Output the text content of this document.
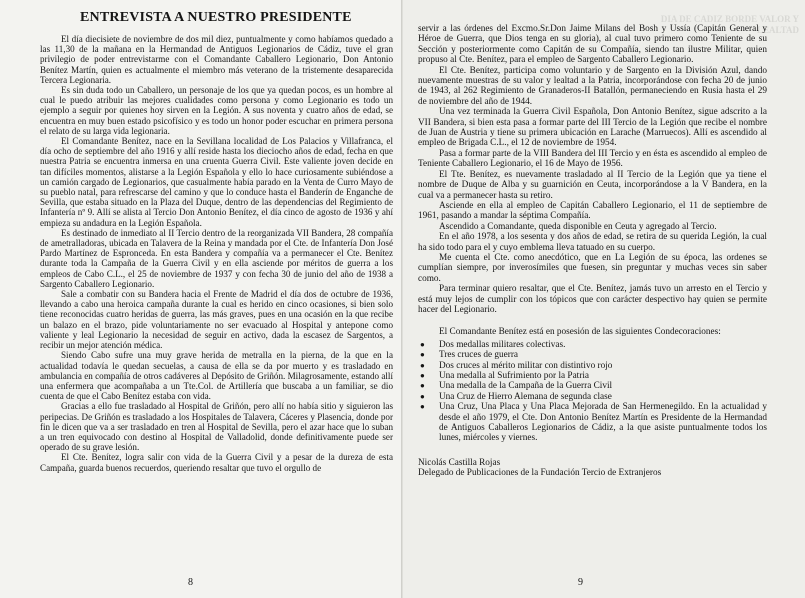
ENTREVISTA A NUESTRO PRESIDENTE

El día diecisiete de noviembre de dos mil diez, puntualmente y como habíamos quedado a las 11,30 de la mañana en la Hermandad de Antiguos Legionarios de Cádiz, tuve el gran privilegio de poder entrevistarme con el Comandante Caballero Legionario, Don Antonio Benítez Martín, quien es actualmente el miembro más veterano de la tristemente desaparecida Tercera Legionaria.

Es sin duda todo un Caballero, un personaje de los que ya quedan pocos, es un hombre al cual le puedo atribuir las mejores cualidades como persona y como Legionario es todo un ejemplo a seguir por quienes hoy sirven en la Legión. A sus noventa y cuatro años de edad, se encuentra en muy buen estado psicofísico y es todo un honor poder escuchar en primera persona el relato de su larga vida legionaria.

El Comandante Benítez, nace en la Sevillana localidad de Los Palacios y Villafranca, el día ocho de septiembre del año 1916 y allí reside hasta los dieciocho años de edad, fecha en que nuestra Patria se encuentra inmersa en una cruenta Guerra Civil. Este valiente joven decide en tan difíciles momentos, alistarse a la Legión Española y ello lo hace curiosamente subiéndose a un camión cargado de Legionarios, que casualmente había parado en la Venta de Curro Mayo de su pueblo natal, para refrescarse del camino y que lo conduce hasta el Banderín de Enganche de Sevilla, que estaba situado en la Plaza del Duque, dentro de las dependencias del Regimiento de Infantería nº 9. Allí se alista al Tercio Don Antonio Benítez, el día cinco de agosto de 1936 y ahí empieza su andadura en la Legión Española.

Es destinado de inmediato al II Tercio dentro de la reorganizada VII Bandera, 28 compañía de ametralladoras, ubicada en Talavera de la Reina y mandada por el Cte. de Infantería Don José Pardo Martínez de Espronceda. En esta Bandera y compañía va a permanecer el Cte. Benítez durante toda la Campaña de la Guerra Civil y en ella asciende por méritos de guerra a los empleos de Cabo C.L., el 25 de noviembre de 1937 y con fecha 30 de junio del año de 1938 a Sargento Caballero Legionario.

Sale a combatir con su Bandera hacia el Frente de Madrid el día dos de octubre de 1936, llevando a cabo una heroica campaña durante la cual es herido en cinco ocasiones, si bien solo tiene reconocidas cuatro heridas de guerra, las más graves, pues en una ocasión en la que recibe un balazo en el brazo, pide voluntariamente no ser evacuado al Hospital y antepone como valiente y leal Legionario la necesidad de seguir en activo, dada la escasez de Sargentos, a recibir un mejor atención médica.

Siendo Cabo sufre una muy grave herida de metralla en la pierna, de la que en la actualidad todavía le quedan secuelas, a causa de ella se da por muerto y es trasladado en ambulancia en compañía de otros cadáveres al Depósito de Griñón. Milagrosamente, estando allí una enfermera que acompañaba a un Tte.Col. de Artillería que buscaba a un familiar, se dio cuenta de que el Cabo Benítez estaba con vida.

Gracias a ello fue trasladado al Hospital de Griñón, pero allí no había sitio y siguieron las peripecias. De Griñón es trasladado a los Hospitales de Talavera, Cáceres y Plasencia, donde por fin le dicen que va a ser trasladado en tren al Hospital de Sevilla, pero el azar hace que lo suban a un tren equivocado con destino al Hospital de Valladolid, donde definitivamente puede ser operado de su grave lesión.

El Cte. Benítez, logra salir con vida de la Guerra Civil y a pesar de la dureza de esta Campaña, guarda buenos recuerdos, queriendo resaltar que tuvo el orgullo de

8
DIA DE CADIZ BORDE VALOR Y LEALTAD

servir a las órdenes del Excmo.Sr.Don Jaime Milans del Bosh y Ussía (Capitán General y Héroe de Guerra, que Dios tenga en su gloria), al cual tuvo primero como Teniente de su Sección y posteriormente como Capitán de su Compañía, siendo tan ilustre Militar, quien propuso al Cte. Benítez, para el empleo de Sargento Caballero Legionario.

El Cte. Benítez, participa como voluntario y de Sargento en la División Azul, dando nuevamente muestras de su valor y lealtad a la Patria, incorporándose con fecha 20 de junio de 1943, al 262 Regimiento de Granaderos-II Batallón, permaneciendo en Rusia hasta el 29 de noviembre del año de 1944.

Una vez terminada la Guerra Civil Española, Don Antonio Benítez, sigue adscrito a la VII Bandera, si bien esta pasa a formar parte del III Tercio de la Legión que recibe el nombre de Juan de Austria y tiene su primera ubicación en Larache (Marruecos). Allí es ascendido al empleo de Brigada C.L., el 12 de noviembre de 1954.

Pasa a formar parte de la VIII Bandera del III Tercio y en ésta es ascendido al empleo de Teniente Caballero Legionario, el 16 de Mayo de 1956.

El Tte. Benítez, es nuevamente trasladado al II Tercio de la Legión que ya tiene el nombre de Duque de Alba y su guarnición en Ceuta, incorporándose a la V Bandera, en la cual va a permanecer hasta su retiro.

Asciende en ella al empleo de Capitán Caballero Legionario, el 11 de septiembre de 1961, pasando a mandar la séptima Compañía.

Ascendido a Comandante, queda disponible en Ceuta y agregado al Tercio.

En el año 1978, a los sesenta y dos años de edad, se retira de su querida Legión, la cual ha sido todo para el y cuyo emblema lleva tatuado en su cuerpo.

Me cuenta el Cte. como anecdótico, que en La Legión de su época, las ordenes se cumplían siempre, por inverosímiles que fuesen, sin preguntar y muchas veces sin saber como.

Para terminar quiero resaltar, que el Cte. Benítez, jamás tuvo un arresto en el Tercio y está muy lejos de cumplir con los tópicos que con carácter despectivo hay quien se permite hacer del Legionario.

El Comandante Benítez está en posesión de las siguientes Condecoraciones:

● Dos medallas militares colectivas.
● Tres cruces de guerra
● Dos cruces al mérito militar con distintivo rojo
● Una medalla al Sufrimiento por la Patria
● Una medalla de la Campaña de la Guerra Civil
● Una Cruz de Hierro Alemana de segunda clase
● Una Cruz, Una Placa y Una Placa Mejorada de San Hermenegildo. En la actualidad y desde el año 1979, el Cte. Don Antonio Benítez Martín es Presidente de la Hermandad de Antiguos Caballeros Legionarios de Cádiz, a la que asiste puntualmente todos los lunes, miércoles y viernes.
Nicolás Castilla Rojas
Delegado de Publicaciones de la Fundación Tercio de Extranjeros
9
